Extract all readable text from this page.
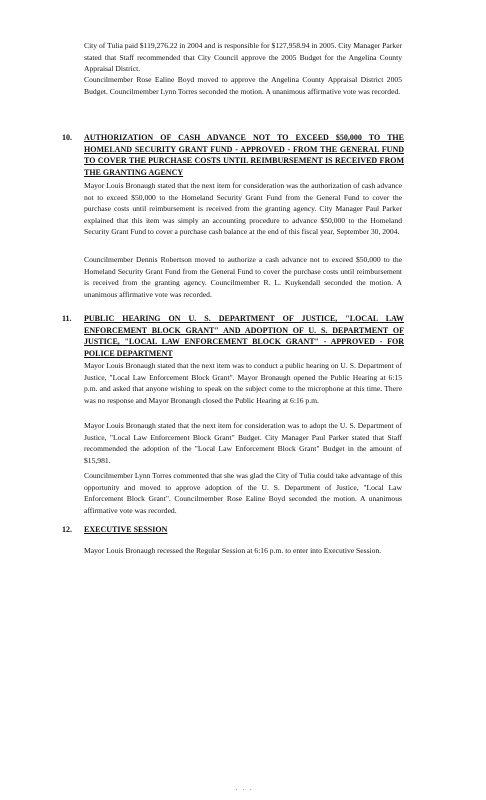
City of Tulia paid $119,276.22 in 2004 and is responsible for $127,958.94 in 2005. City Manager Parker stated that Staff recommended that City Council approve the 2005 Budget for the Angelina County Appraisal District.

Councilmember Rose Ealine Boyd moved to approve the Angelina County Appraisal District 2005 Budget. Councilmember Lynn Torres seconded the motion. A unanimous affirmative vote was recorded.

10. AUTHORIZATION OF CASH ADVANCE NOT TO EXCEED $50,000 TO THE HOMELAND SECURITY GRANT FUND - APPROVED - FROM THE GENERAL FUND TO COVER THE PURCHASE COSTS UNTIL REIMBURSEMENT IS RECEIVED FROM THE GRANTING AGENCY

Mayor Louis Bronaugh stated that the next item for consideration was the authorization of cash advance not to exceed $50,000 to the Homeland Security Grant Fund from the General Fund to cover the purchase costs until reimbursement is received from the granting agency. City Manager Paul Parker explained that this item was simply an accounting procedure to advance $50,000 to the Homeland Security Grant Fund to cover a purchase cash balance at the end of this fiscal year, September 30, 2004.

Councilmember Dennis Robertson moved to authorize a cash advance not to exceed $50,000 to the Homeland Security Grant Fund from the General Fund to cover the purchase costs until reimbursement is received from the granting agency. Councilmember R. L. Kuykendall seconded the motion. A unanimous affirmative vote was recorded.

11. PUBLIC HEARING ON U. S. DEPARTMENT OF JUSTICE, "LOCAL LAW ENFORCEMENT BLOCK GRANT" AND ADOPTION OF U. S. DEPARTMENT OF JUSTICE, "LOCAL LAW ENFORCEMENT BLOCK GRANT" - APPROVED - FOR POLICE DEPARTMENT

Mayor Louis Bronaugh stated that the next item was to conduct a public hearing on U. S. Department of Justice, "Local Law Enforcement Block Grant". Mayor Bronaugh opened the Public Hearing at 6:15 p.m. and asked that anyone wishing to speak on the subject come to the microphone at this time. There was no response and Mayor Bronaugh closed the Public Hearing at 6:16 p.m.

Mayor Louis Bronaugh stated that the next item for consideration was to adopt the U. S. Department of Justice, "Local Law Enforcement Block Grant" Budget. City Manager Paul Parker stated that Staff recommended the adoption of the "Local Law Enforcement Block Grant" Budget in the amount of $15,981.

Councilmember Lynn Torres commented that she was glad the City of Tulia could take advantage of this opportunity and moved to approve adoption of the U. S. Department of Justice, "Local Law Enforcement Block Grant". Councilmember Rose Ealine Boyd seconded the motion. A unanimous affirmative vote was recorded.

12. EXECUTIVE SESSION

Mayor Louis Bronaugh recessed the Regular Session at 6:16 p.m. to enter into Executive Session.

. . .
